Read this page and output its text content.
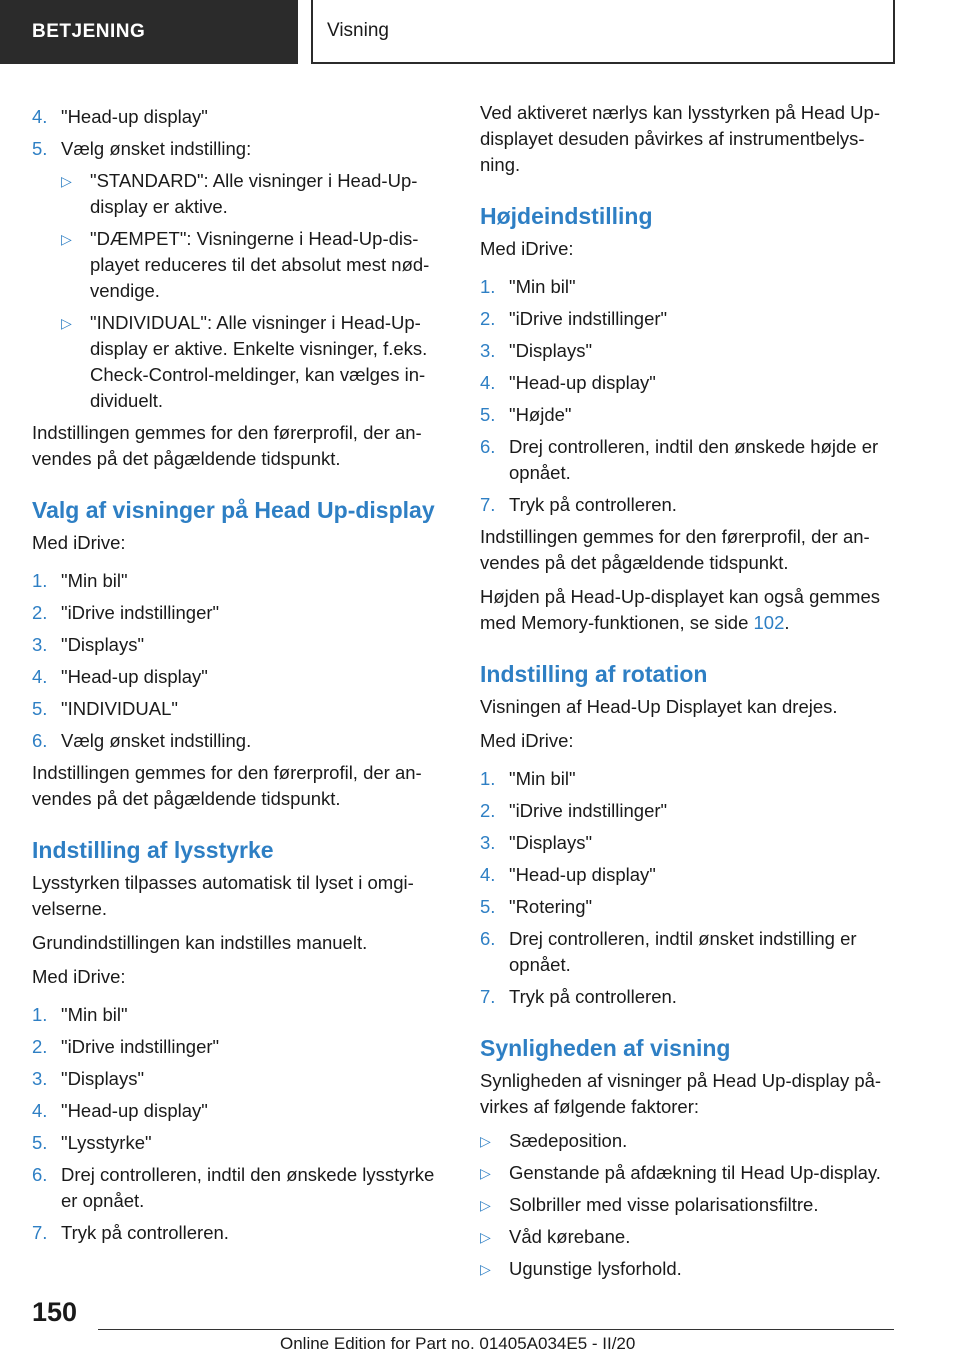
BETJENING	Visning
4. "Head-up display"
5. Vælg ønsket indstilling:
▷ "STANDARD": Alle visninger i Head-Up-display er aktive.
▷ "DÆMPET": Visningerne i Head-Up-dis-playet reduceres til det absolut mest nød-vendige.
▷ "INDIVIDUAL": Alle visninger i Head-Up-display er aktive. Enkelte visninger, f.eks. Check-Control-meldinger, kan vælges in-dividuelt.

Indstillingen gemmes for den førerprofil, der an-vendes på det pågældende tidspunkt.

Valg af visninger på Head Up-display

Med iDrive:

1. "Min bil"
2. "iDrive indstillinger"
3. "Displays"
4. "Head-up display"
5. "INDIVIDUAL"
6. Vælg ønsket indstilling.

Indstillingen gemmes for den førerprofil, der an-vendes på det pågældende tidspunkt.

Indstilling af lysstyrke

Lysstyrken tilpasses automatisk til lyset i omgi-velserne.

Grundindstillingen kan indstilles manuelt.

Med iDrive:

1. "Min bil"
2. "iDrive indstillinger"
3. "Displays"
4. "Head-up display"
5. "Lysstyrke"
6. Drej controlleren, indtil den ønskede lysstyrke er opnået.
7. Tryk på controlleren.

Ved aktiveret nærlys kan lysstyrken på Head Up-displayet desuden påvirkes af instrumentbelys-ning.

Højdeindstilling

Med iDrive:

1. "Min bil"
2. "iDrive indstillinger"
3. "Displays"
4. "Head-up display"
5. "Højde"
6. Drej controlleren, indtil den ønskede højde er opnået.
7. Tryk på controlleren.

Indstillingen gemmes for den førerprofil, der an-vendes på det pågældende tidspunkt.

Højden på Head-Up-displayet kan også gemmes med Memory-funktionen, se side 102.

Indstilling af rotation

Visningen af Head-Up Displayet kan drejes.

Med iDrive:

1. "Min bil"
2. "iDrive indstillinger"
3. "Displays"
4. "Head-up display"
5. "Rotering"
6. Drej controlleren, indtil ønsket indstilling er opnået.
7. Tryk på controlleren.
Synligheden af visning

Synligheden af visninger på Head Up-display på-virkes af følgende faktorer:

▷ Sædeposition.
▷ Genstande på afdækning til Head Up-display.
▷ Solbriller med visse polarisationsfiltre.
▷ Våd kørebane.
▷ Ugunstige lysforhold.
150
Online Edition for Part no. 01405A034E5 - II/20
